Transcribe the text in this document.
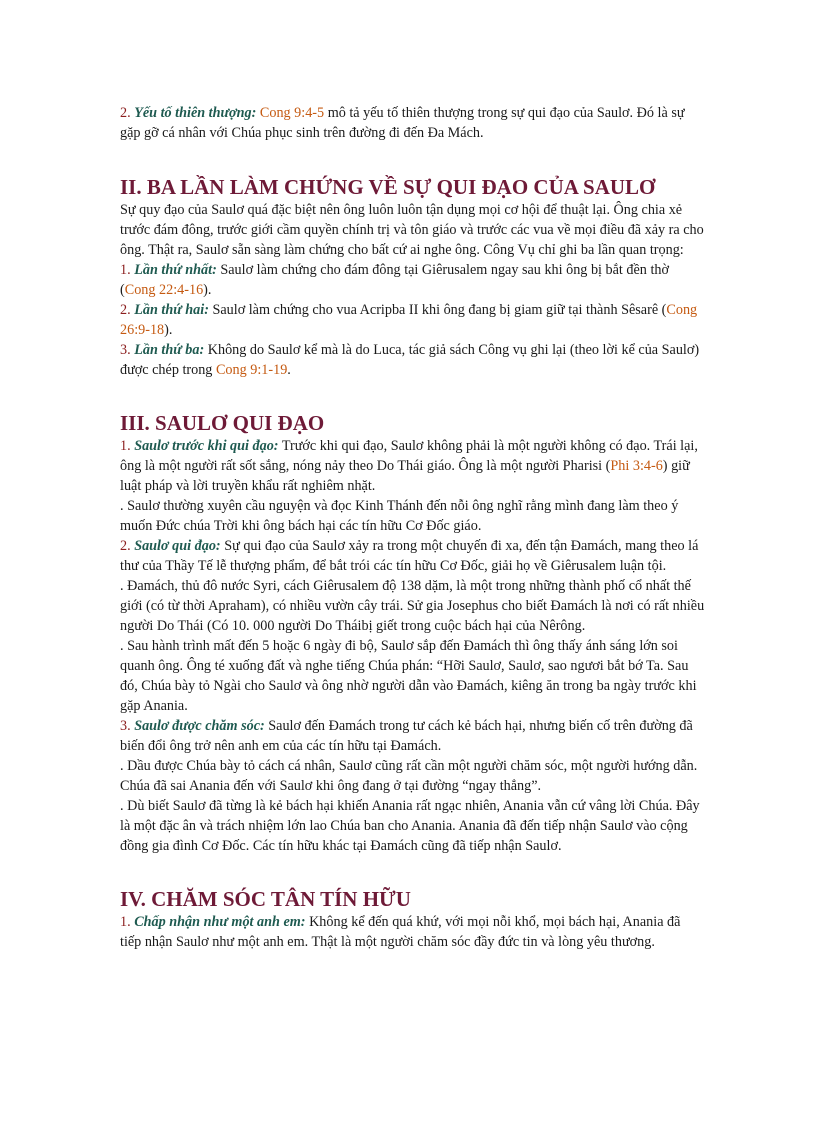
2. Yếu tố thiên thượng: Cong 9:4-5 mô tả yếu tố thiên thượng trong sự qui đạo của Saulơ. Đó là sự gặp gỡ cá nhân với Chúa phục sinh trên đường đi đến Đa Mách.

II. BA LẦN LÀM CHỨNG VỀ SỰ QUI ĐẠO CỦA SAULƠ

Sự quy đạo của Saulơ quá đặc biệt nên ông luôn luôn tận dụng mọi cơ hội để thuật lại. Ông chia xẻ trước đám đông, trước giới cầm quyền chính trị và tôn giáo và trước các vua về mọi điều đã xảy ra cho ông. Thật ra, Saulơ sẵn sàng làm chứng cho bất cứ ai nghe ông. Công Vụ chỉ ghi ba lần quan trọng:

1. Lần thứ nhất: Saulơ làm chứng cho đám đông tại Giêrusalem ngay sau khi ông bị bắt đền thờ (Cong 22:4-16).

2. Lần thứ hai: Saulơ làm chứng cho vua Acripba II khi ông đang bị giam giữ tại thành Sêsarê (Cong 26:9-18).

3. Lần thứ ba: Không do Saulơ kể mà là do Luca, tác giả sách Công vụ ghi lại (theo lời kể của Saulơ) được chép trong Cong 9:1-19.

III. SAULƠ QUI ĐẠO

1. Saulơ trước khi qui đạo: Trước khi qui đạo, Saulơ không phải là một người không có đạo. Trái lại, ông là một người rất sốt sắng, nóng nảy theo Do Thái giáo. Ông là một người Pharisi (Phi 3:4-6) giữ luật pháp và lời truyền khẩu rất nghiêm nhặt.

. Saulơ thường xuyên cầu nguyện và đọc Kinh Thánh đến nỗi ông nghĩ rằng mình đang làm theo ý muốn Đức chúa Trời khi ông bách hại các tín hữu Cơ Đốc giáo.

2. Saulơ qui đạo: Sự qui đạo của Saulơ xảy ra trong một chuyến đi xa, đến tận Đamách, mang theo lá thư của Thầy Tế lễ thượng phẩm, để bắt trói các tín hữu Cơ Đốc, giải họ về Giêrusalem luận tội.

. Đamách, thủ đô nước Syri, cách Giêrusalem độ 138 dặm, là một trong những thành phố cổ nhất thế giới (có từ thời Apraham), có nhiều vườn cây trái. Sử gia Josephus cho biết Đamách là nơi có rất nhiều người Do Thái (Có 10. 000 người Do Tháibị giết trong cuộc bách hại của Nêrông.

. Sau hành trình mất đến 5 hoặc 6 ngày đi bộ, Saulơ sắp đến Đamách thì ông thấy ánh sáng lớn soi quanh ông. Ông té xuống đất và nghe tiếng Chúa phán: “Hỡi Saulơ, Saulơ, sao ngươi bắt bớ Ta. Sau đó, Chúa bày tỏ Ngài cho Saulơ và ông nhờ người dẫn vào Đamách, kiêng ăn trong ba ngày trước khi gặp Anania.

3. Saulơ được chăm sóc: Saulơ đến Đamách trong tư cách kẻ bách hại, nhưng biến cố trên đường đã biến đổi ông trở nên anh em của các tín hữu tại Đamách.

. Dầu được Chúa bày tỏ cách cá nhân, Saulơ cũng rất cần một người chăm sóc, một người hướng dẫn. Chúa đã sai Anania đến với Saulơ khi ông đang ở tại đường “ngay thẳng”.

. Dù biết Saulơ đã từng là kẻ bách hại khiến Anania rất ngạc nhiên, Anania vẫn cứ vâng lời Chúa. Đây là một đặc ân và trách nhiệm lớn lao Chúa ban cho Anania. Anania đã đến tiếp nhận Saulơ vào cộng đồng gia đình Cơ Đốc. Các tín hữu khác tại Đamách cũng đã tiếp nhận Saulơ.

IV. CHĂM SÓC TÂN TÍN HỮU

1. Chấp nhận như một anh em: Không kể đến quá khứ, với mọi nỗi khổ, mọi bách hại, Anania đã tiếp nhận Saulơ như một anh em. Thật là một người chăm sóc đầy đức tin và lòng yêu thương.
